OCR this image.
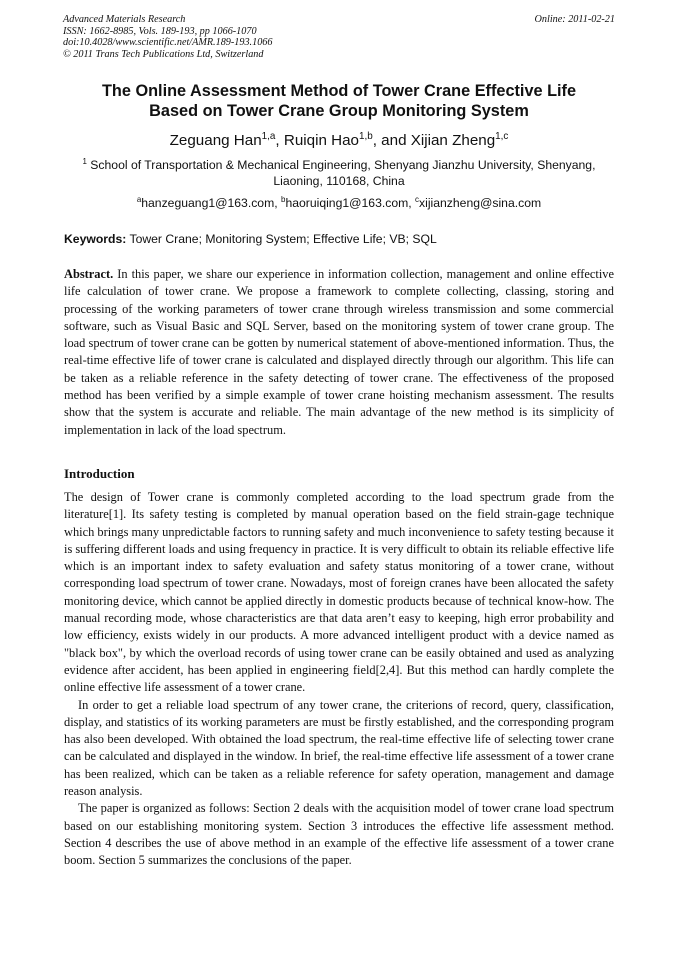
Advanced Materials Research
ISSN: 1662-8985, Vols. 189-193, pp 1066-1070
doi:10.4028/www.scientific.net/AMR.189-193.1066
© 2011 Trans Tech Publications Ltd, Switzerland
Online: 2011-02-21
The Online Assessment Method of Tower Crane Effective Life
Based on Tower Crane Group Monitoring System
Zeguang Han$^{1,a}$, Ruiqin Hao$^{1,b}$, and Xijian Zheng$^{1,c}$
$^1$ School of Transportation & Mechanical Engineering, Shenyang Jianzhu University, Shenyang,
Liaoning, 110168, China
$^a$hanzeguang1@163.com, $^b$haoruiqing1@163.com, $^c$xijianzheng@sina.com
Keywords: Tower Crane; Monitoring System; Effective Life; VB; SQL
Abstract. In this paper, we share our experience in information collection, management and online effective life calculation of tower crane. We propose a framework to complete collecting, classing, storing and processing of the working parameters of tower crane through wireless transmission and some commercial software, such as Visual Basic and SQL Server, based on the monitoring system of tower crane group. The load spectrum of tower crane can be gotten by numerical statement of above-mentioned information. Thus, the real-time effective life of tower crane is calculated and displayed directly through our algorithm. This life can be taken as a reliable reference in the safety detecting of tower crane. The effectiveness of the proposed method has been verified by a simple example of tower crane hoisting mechanism assessment. The results show that the system is accurate and reliable. The main advantage of the new method is its simplicity of implementation in lack of the load spectrum.
Introduction

The design of Tower crane is commonly completed according to the load spectrum grade from the literature[1]. Its safety testing is completed by manual operation based on the field strain-gage technique which brings many unpredictable factors to running safety and much inconvenience to safety testing because it is suffering different loads and using frequency in practice. It is very difficult to obtain its reliable effective life which is an important index to safety evaluation and safety status monitoring of a tower crane, without corresponding load spectrum of tower crane. Nowadays, most of foreign cranes have been allocated the safety monitoring device, which cannot be applied directly in domestic products because of technical know-how. The manual recording mode, whose characteristics are that data aren’t easy to keeping, high error probability and low efficiency, exists widely in our products. A more advanced intelligent product with a device named as "black box", by which the overload records of using tower crane can be easily obtained and used as analyzing evidence after accident, has been applied in engineering field[2,4]. But this method can hardly complete the online effective life assessment of a tower crane.

In order to get a reliable load spectrum of any tower crane, the criterions of record, query, classification, display, and statistics of its working parameters are must be firstly established, and the corresponding program has also been developed. With obtained the load spectrum, the real-time effective life of selecting tower crane can be calculated and displayed in the window. In brief, the real-time effective life assessment of a tower crane has been realized, which can be taken as a reliable reference for safety operation, management and damage reason analysis.

The paper is organized as follows: Section 2 deals with the acquisition model of tower crane load spectrum based on our establishing monitoring system. Section 3 introduces the effective life assessment method. Section 4 describes the use of above method in an example of the effective life assessment of a tower crane boom. Section 5 summarizes the conclusions of the paper.
